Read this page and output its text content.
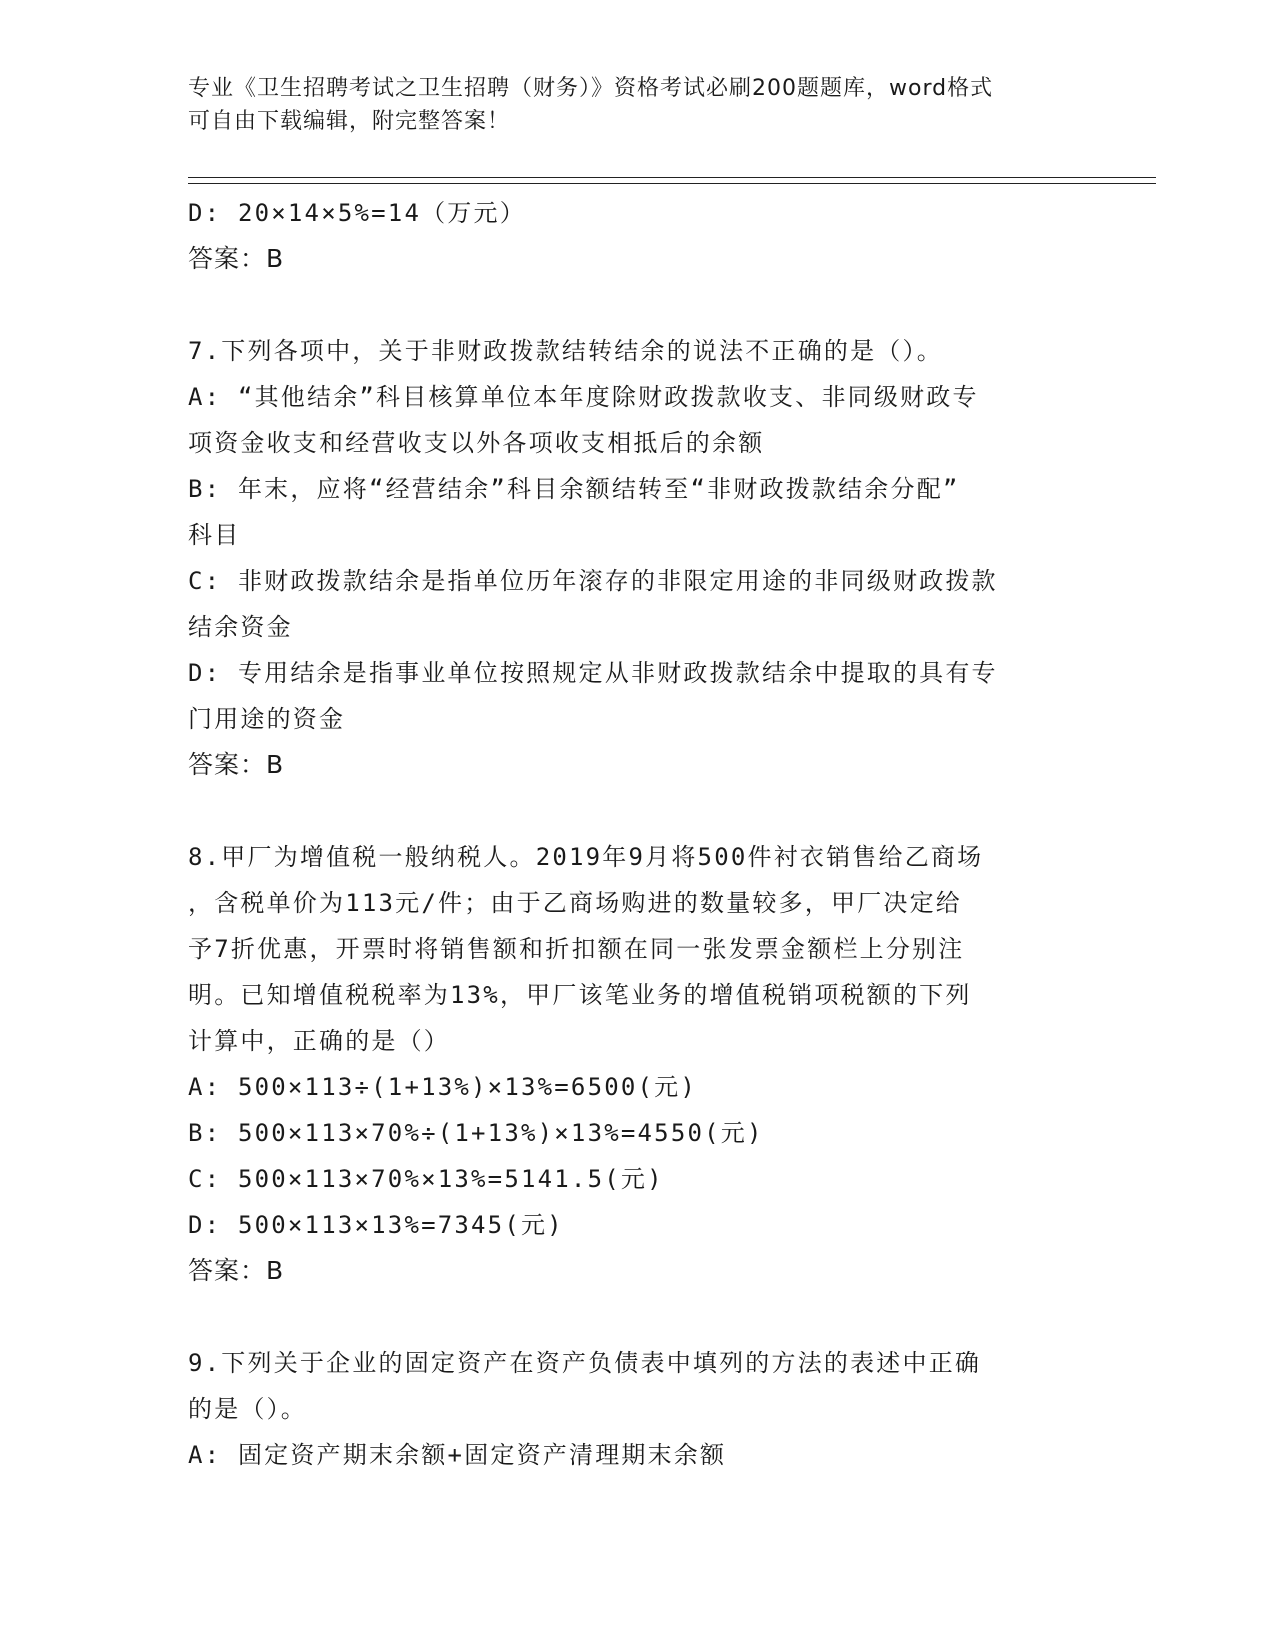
专业《卫生招聘考试之卫生招聘（财务）》资格考试必刷200题题库，word格式
可自由下载编辑，附完整答案！
D: 20×14×5%=14（万元）
答案：B
7.下列各项中，关于非财政拨款结转结余的说法不正确的是（）。
A: “其他结余”科目核算单位本年度除财政拨款收支、非同级财政专
项资金收支和经营收支以外各项收支相抵后的余额
B: 年末，应将“经营结余”科目余额结转至“非财政拨款结余分配”
科目
C: 非财政拨款结余是指单位历年滚存的非限定用途的非同级财政拨款
结余资金
D: 专用结余是指事业单位按照规定从非财政拨款结余中提取的具有专
门用途的资金
答案：B
8.甲厂为增值税一般纳税人。2019年9月将500件衬衣销售给乙商场
，含税单价为113元/件；由于乙商场购进的数量较多，甲厂决定给
予7折优惠，开票时将销售额和折扣额在同一张发票金额栏上分别注
明。已知增值税税率为13%，甲厂该笔业务的增值税销项税额的下列
计算中，正确的是（）
A: 500×113÷(1+13%)×13%=6500(元)
B: 500×113×70%÷(1+13%)×13%=4550(元)
C: 500×113×70%×13%=5141.5(元)
D: 500×113×13%=7345(元)
答案：B
9.下列关于企业的固定资产在资产负债表中填列的方法的表述中正确
的是（）。
A: 固定资产期末余额+固定资产清理期末余额
